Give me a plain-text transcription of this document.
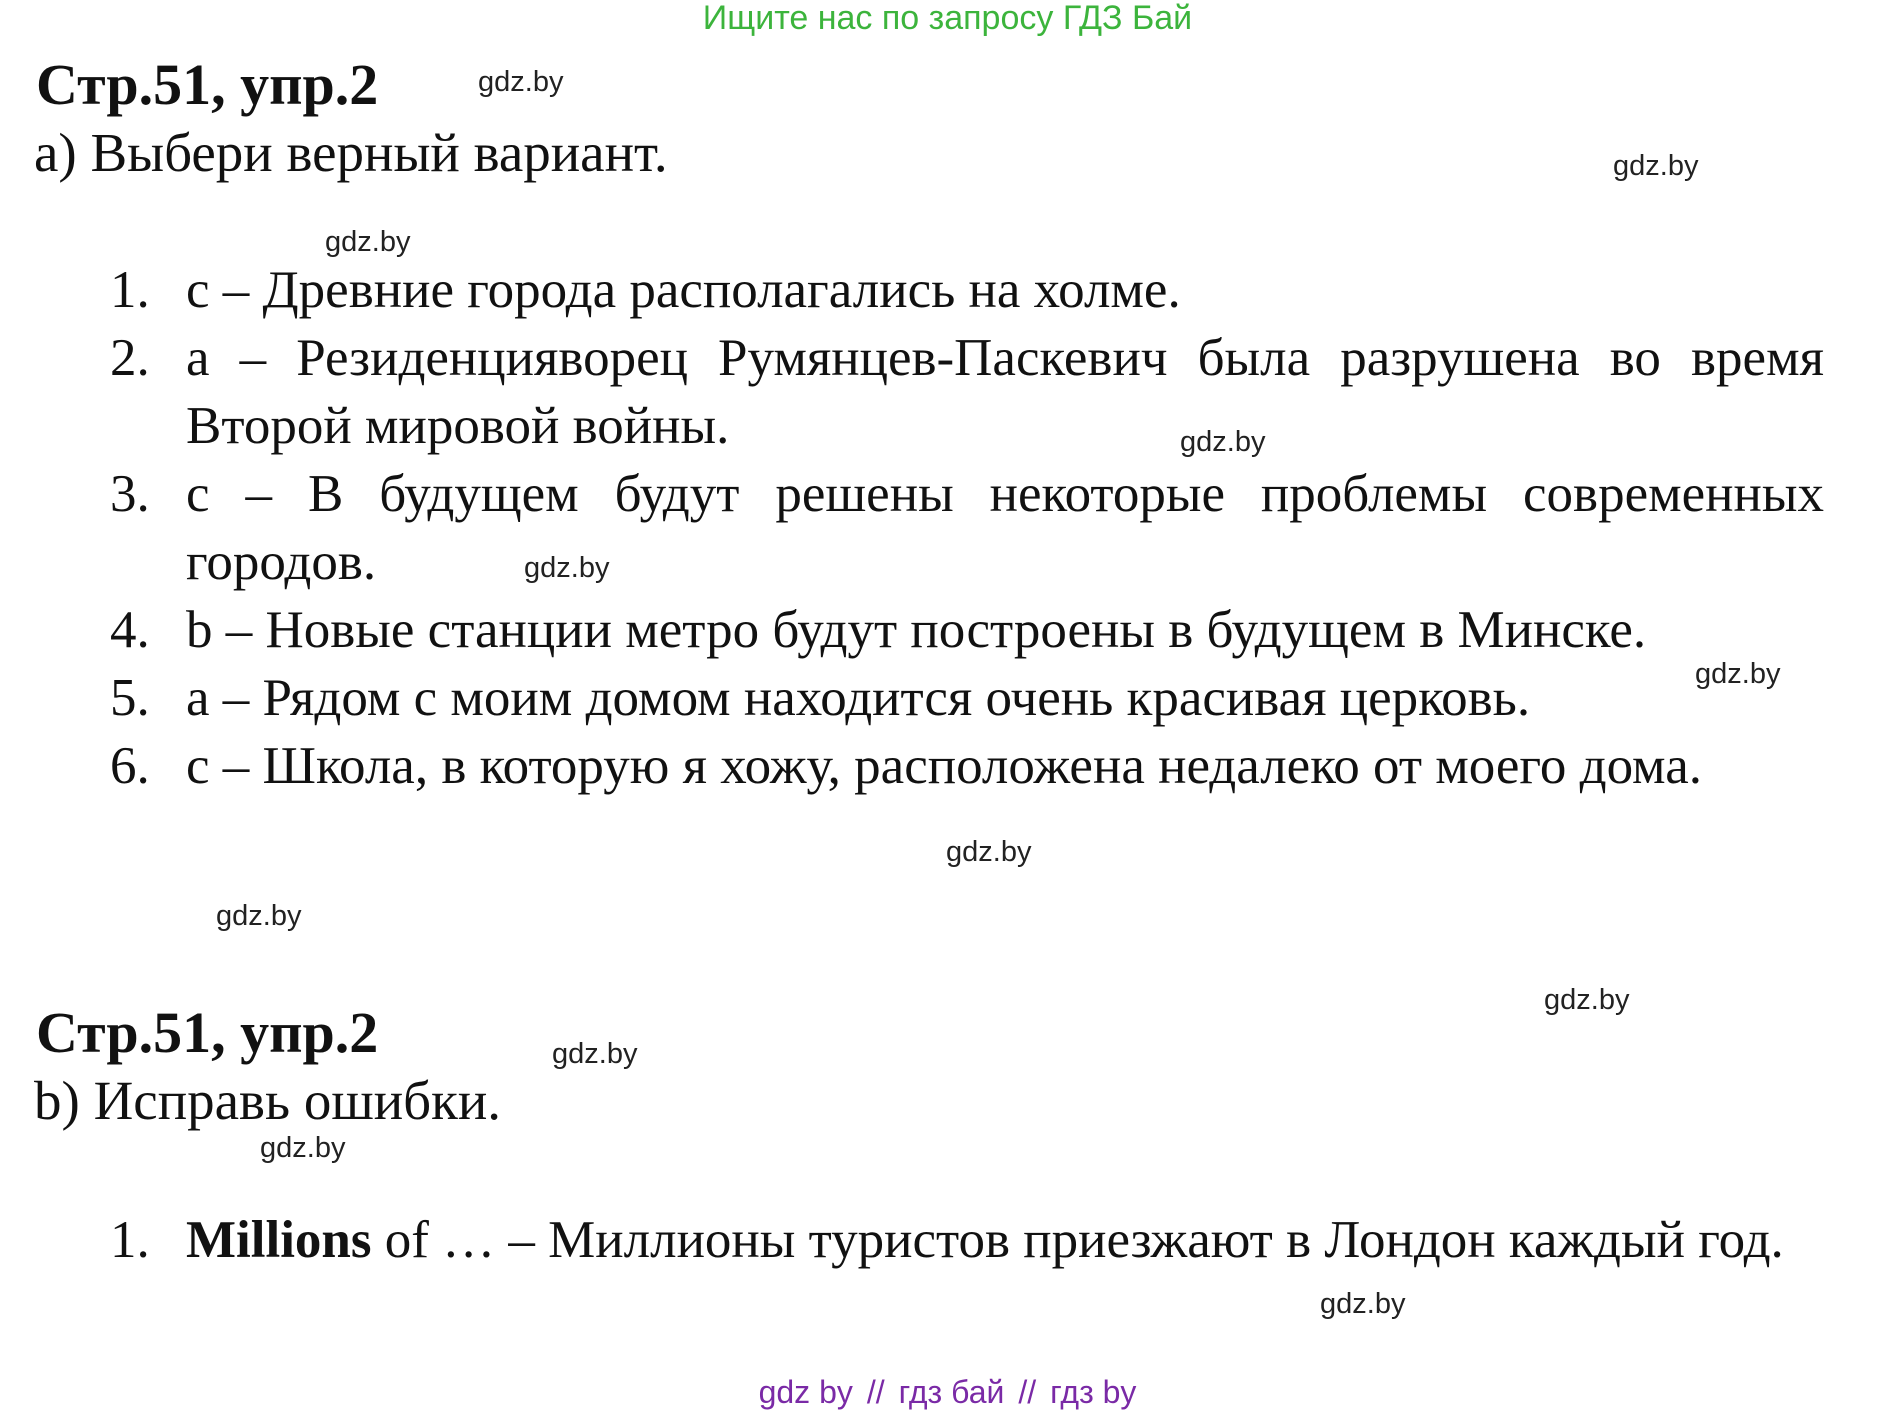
Ищите нас по запросу ГДЗ Бай
Стр.51, упр.2
a) Выбери верный вариант.
1. c – Древние города располагались на холме.
2. a – Резиденцияворец Румянцев-Паскевич была разрушена во время Второй мировой войны.
3. c – В будущем будут решены некоторые проблемы современных городов.
4. b – Новые станции метро будут построены в будущем в Минске.
5. a – Рядом с моим домом находится очень красивая церковь.
6. c – Школа, в которую я хожу, расположена недалеко от моего дома.
Стр.51, упр.2
b) Исправь ошибки.
1. Millions of … – Миллионы туристов приезжают в Лондон каждый год.
gdz.by
gdz.by
gdz.by
gdz.by
gdz.by
gdz.by
gdz.by
gdz.by
gdz.by
gdz.by
gdz.by
gdz.by
gdz by // гдз бай // гдз by
